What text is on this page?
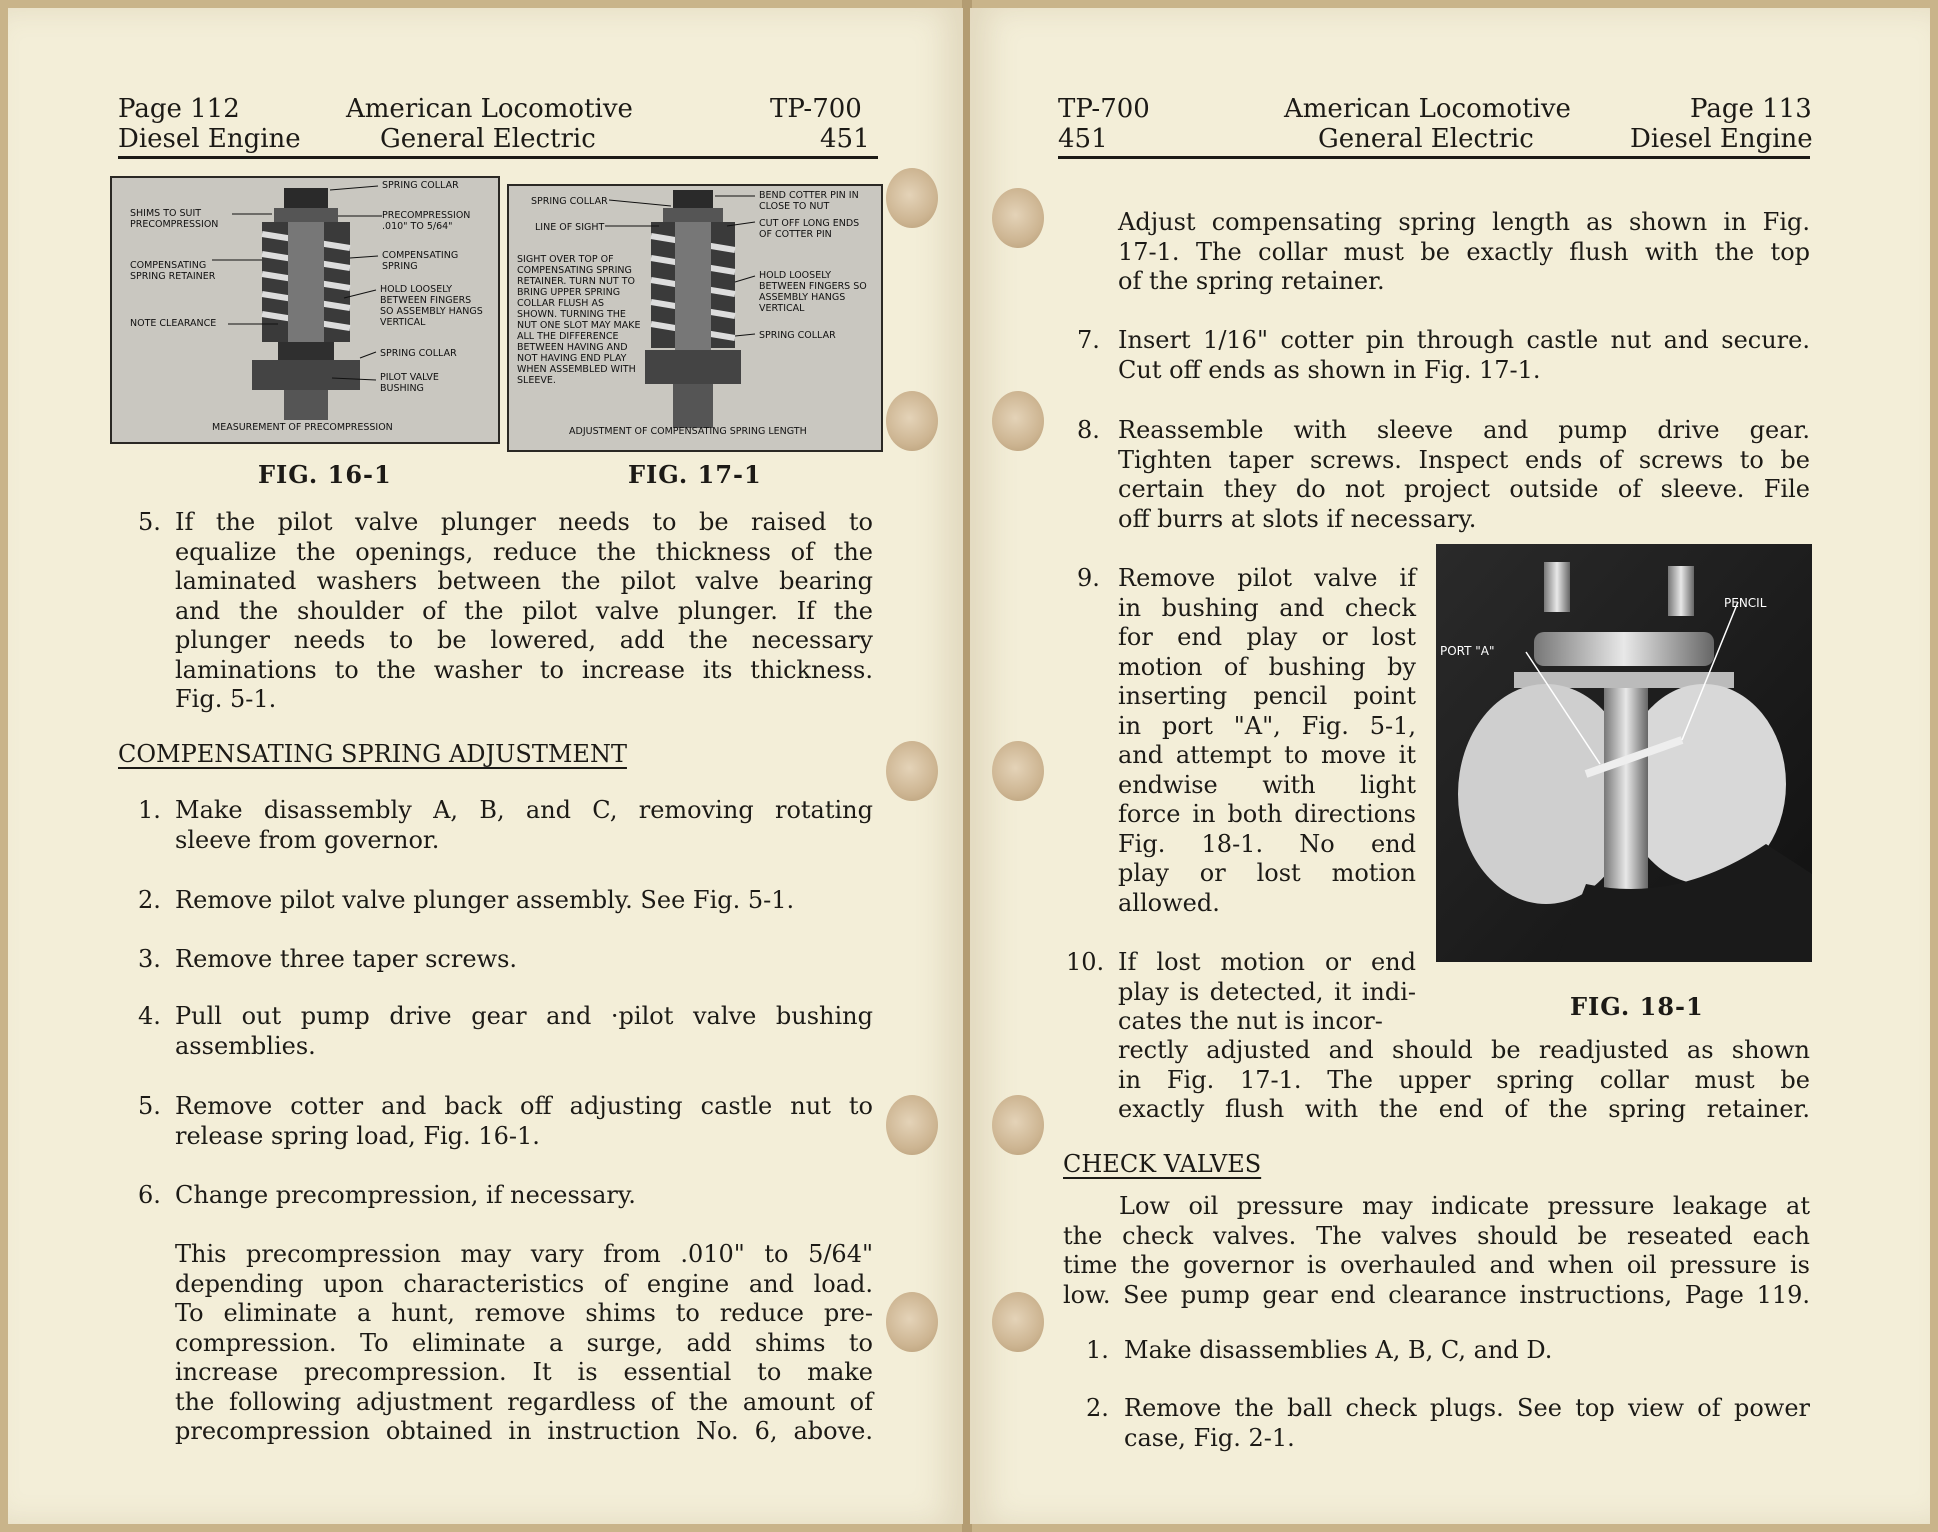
Page 112	American Locomotive	TP-700
Diesel Engine	General Electric	451
SPRING COLLAR
SHIMS TO SUIT PRECOMPRESSION
PRECOMPRESSION .010" TO 5/64"
COMPENSATING SPRING RETAINER
COMPENSATING SPRING
HOLD LOOSELY BETWEEN FINGERS SO ASSEMBLY HANGS VERTICAL
NOTE CLEARANCE
SPRING COLLAR
PILOT VALVE BUSHING
MEASUREMENT OF PRECOMPRESSION
SPRING COLLAR
BEND COTTER PIN IN CLOSE TO NUT
LINE OF SIGHT	CUT OFF LONG ENDS OF COTTER PIN
SIGHT OVER TOP OF COMPENSATING SPRING RETAINER. TURN NUT TO BRING UPPER SPRING COLLAR FLUSH AS SHOWN. TURNING THE NUT ONE SLOT MAY MAKE ALL THE DIFFERENCE BETWEEN HAVING AND NOT HAVING END PLAY WHEN ASSEMBLED WITH SLEEVE.
HOLD LOOSELY BETWEEN FINGERS SO ASSEMBLY HANGS VERTICAL
SPRING COLLAR
ADJUSTMENT OF COMPENSATING SPRING LENGTH
FIG. 16-1	FIG. 17-1
5. If the pilot valve plunger needs to be raised to
equalize the openings, reduce the thickness of the
laminated washers between the pilot valve bearing
and the shoulder of the pilot valve plunger. If the
plunger needs to be lowered, add the necessary
laminations to the washer to increase its thickness.
Fig. 5-1.
COMPENSATING SPRING ADJUSTMENT
1. Make disassembly A, B, and C, removing rotating
sleeve from governor.
2. Remove pilot valve plunger assembly. See Fig. 5-1.
3. Remove three taper screws.
4. Pull out pump drive gear and ·pilot valve bushing
assemblies.
5. Remove cotter and back off adjusting castle nut to
release spring load, Fig. 16-1.
6. Change precompression, if necessary.
This precompression may vary from .010" to 5/64"
depending upon characteristics of engine and load.
To eliminate a hunt, remove shims to reduce pre-
compression. To eliminate a surge, add shims to
increase precompression. It is essential to make
the following adjustment regardless of the amount of
precompression obtained in instruction No. 6, above.
TP-700	American Locomotive	Page 113
451	General Electric	Diesel Engine
Adjust compensating spring length as shown in Fig.
17-1. The collar must be exactly flush with the top
of the spring retainer.
7. Insert 1/16" cotter pin through castle nut and secure.
Cut off ends as shown in Fig. 17-1.
8. Reassemble with sleeve and pump drive gear.
Tighten taper screws. Inspect ends of screws to be
certain they do not project outside of sleeve. File
off burrs at slots if necessary.
9. Remove pilot valve if
in bushing and check
for end play or lost
motion of bushing by
inserting pencil point
in port "A", Fig. 5-1,
and attempt to move it
endwise with light
force in both directions
Fig. 18-1. No end
play or lost motion
allowed.
10. If lost motion or end
play is detected, it indi-
cates the nut is incor-
rectly adjusted and should be readjusted as shown
in Fig. 17-1. The upper spring collar must be
exactly flush with the end of the spring retainer.
PENCIL
PORT "A"
FIG. 18-1
CHECK VALVES
Low oil pressure may indicate pressure leakage at
the check valves. The valves should be reseated each
time the governor is overhauled and when oil pressure is
low. See pump gear end clearance instructions, Page 119.
1. Make disassemblies A, B, C, and D.
2. Remove the ball check plugs. See top view of power
case, Fig. 2-1.
